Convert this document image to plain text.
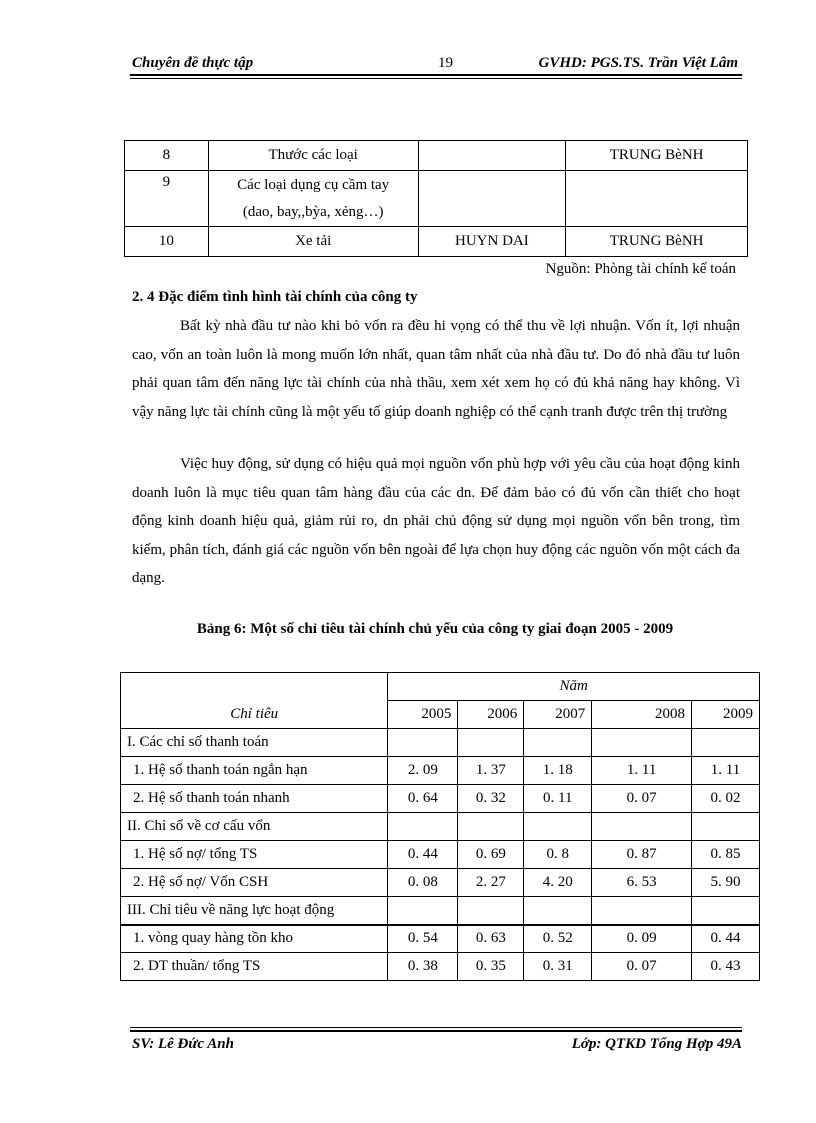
Chuyên đề thực tập	19	GVHD: PGS.TS. Trần Việt Lâm
8	Thước các loại		TRUNG BèNH
9	Các loại dụng cụ cầm tay
(dao, bay,,bỳa, xẻng…)		

10	Xe tải	HUYN DAI	TRUNG BèNH
Nguồn: Phòng tài chính kế toán
2. 4 Đặc điểm tình hình tài chính của công ty
Bất kỳ nhà đầu tư nào khi bỏ vốn ra đều hi vọng có thể thu về lợi nhuận. Vốn ít, lợi nhuận cao, vốn an toàn luôn là mong muốn lớn nhất, quan tâm nhất của nhà đầu tư. Do đó nhà đầu tư luôn phải quan tâm đến năng lực tài chính của nhà thầu, xem xét xem họ có đủ khả năng hay không. Vì vậy năng lực tài chính cũng là một yếu tố giúp doanh nghiệp có thể cạnh tranh được trên thị trường
Việc huy động, sử dụng có hiệu quả mọi nguồn vốn phù hợp với yêu cầu của hoạt động kinh doanh luôn là mục tiêu quan tâm hàng đầu của các dn. Để đảm bảo có đủ vốn cần thiết cho hoạt động kinh doanh hiệu quả, giảm rủi ro, dn phải chủ động sử dụng mọi nguồn vốn bên trong, tìm kiếm, phân tích, đánh giá các nguồn vốn bên ngoài để lựa chọn huy động các nguồn vốn một cách đa dạng.
Bảng 6: Một số chỉ tiêu tài chính chủ yếu của công ty giai đoạn 2005 - 2009
Chỉ tiêu	Năm				
	2005	2006	2007	2008	2009
I. Các chỉ số thanh toán					
1. Hệ số thanh toán ngắn hạn	2. 09	1. 37	1. 18	1. 11	1. 11
2. Hệ số thanh toán nhanh	0. 64	0. 32	0. 11	0. 07	0. 02
II. Chỉ số về cơ cấu vốn					
1. Hệ số nợ/ tổng TS	0. 44	0. 69	0. 8	0. 87	0. 85
2. Hệ số nợ/ Vốn CSH	0. 08	2. 27	4. 20	6. 53	5. 90
III. Chỉ tiêu về năng lực hoạt động					
1. vòng quay hàng tồn kho	0. 54	0. 63	0. 52	0. 09	0. 44
2. DT thuần/ tổng TS	0. 38	0. 35	0. 31	0. 07	0. 43
SV: Lê Đức Anh	Lớp: QTKD Tổng Hợp 49A
